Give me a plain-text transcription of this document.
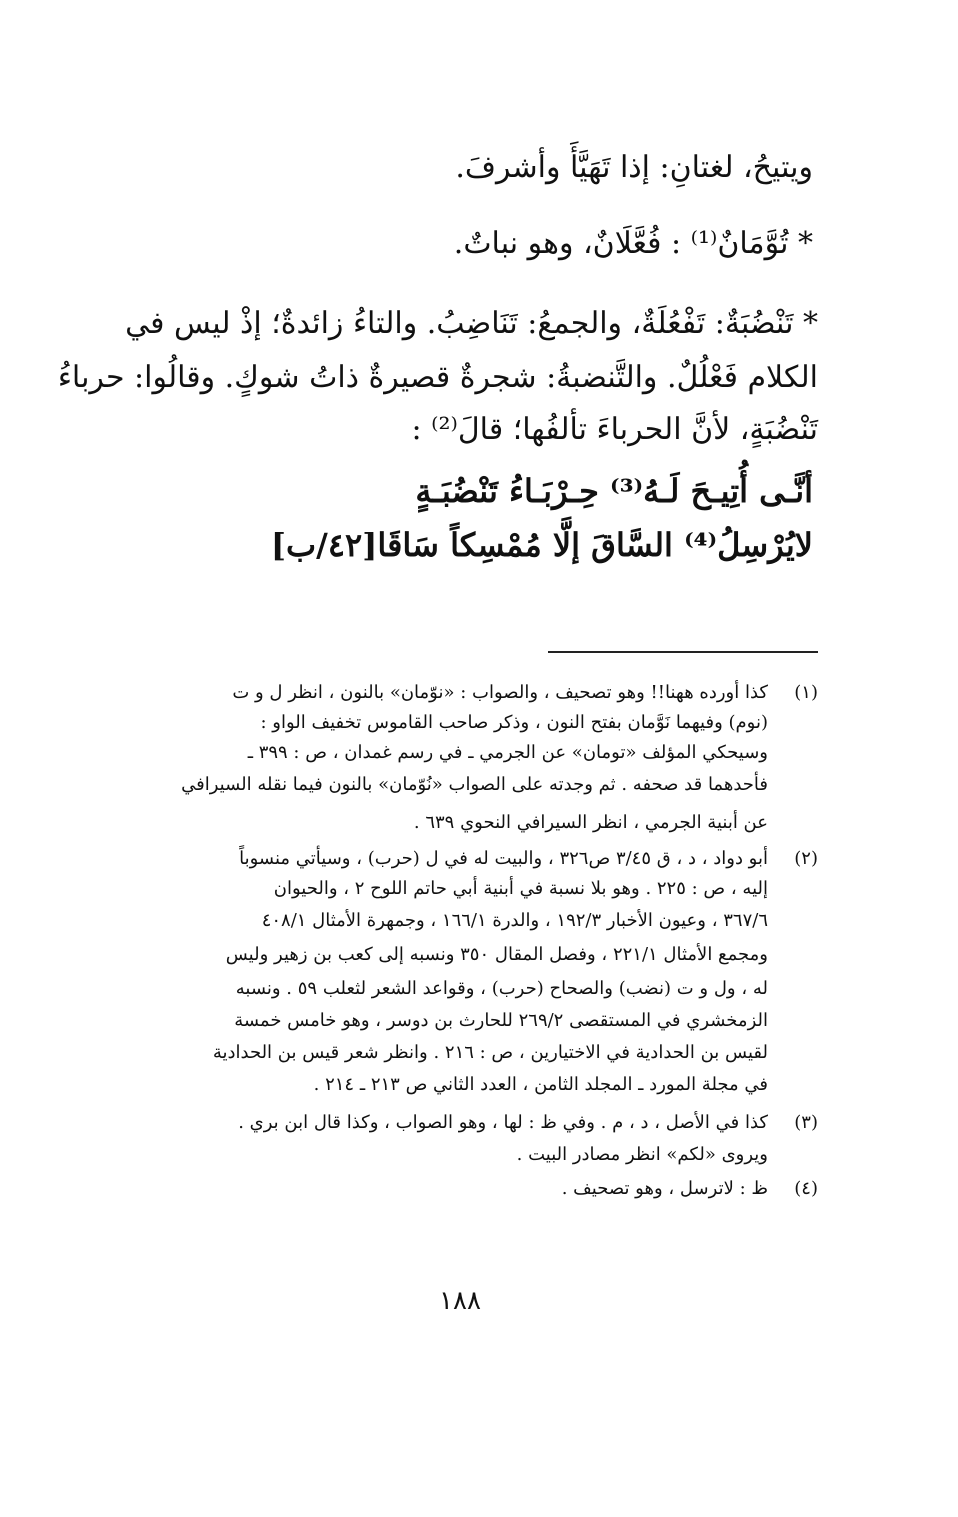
ويتيحُ، لغتانِ: إذا تَهَيَّأَ وأشرفَ.
* تُوَّمَانٌ⁽¹⁾ : فُعَّلَانٌ، وهو نباتٌ.
* تَنْضُبَةٌ: تَفْعُلَةٌ، والجمعُ: تَنَاضِبُ. والتاءُ زائدةٌ؛ إذْ ليس في
الكلام فَعْلُلٌ. والتَّنضبةُ: شجرةٌ قصيرةٌ ذاتُ شوكٍ. وقالُوا: حرباءُ
تَنْضُبَةٍ، لأنَّ الحرباءَ تألفُها؛ قالَ⁽²⁾ :
أنَّـى أُتِيـحَ لَـهُ⁽³⁾ حِـرْبَـاءُ تَنْضُبَـةٍ
لايُرْسِلُ⁽⁴⁾ السَّاقَ إلَّا مُمْسِكاً سَاقَا[٤٢/ب]
(١)
كذا أورده ههنا!! وهو تصحيف ، والصواب : «نوّمان» بالنون ، انظر ل و ت
(نوم) وفيهما نَوَّمان بفتح النون ، وذكر صاحب القاموس تخفيف الواو :
وسيحكي المؤلف «تومان» عن الجرمي ـ في رسم غمدان ، ص : ٣٩٩ ـ
فأحدهما قد صحفه . ثم وجدته على الصواب «نُوّمان» بالنون فيما نقله السيرافي
عن أبنية الجرمي ، انظر السيرافي النحوي ٦٣٩ .
(٢)
أبو دواد ، د ، ق ٣/٤٥ ص٣٢٦ ، والبيت له في ل (حرب) ، وسيأتي منسوباً
إليه ، ص : ٢٢٥ . وهو بلا نسبة في أبنية أبي حاتم اللوح ٢ ، والحيوان
٣٦٧/٦ ، وعيون الأخبار ١٩٢/٣ ، والدرة ١٦٦/١ ، وجمهرة الأمثال ٤٠٨/١
ومجمع الأمثال ٢٢١/١ ، وفصل المقال ٣٥٠ ونسبه إلى كعب بن زهير وليس
له ، ول و ت (نضب) والصحاح (حرب) ، وقواعد الشعر لثعلب ٥٩ . ونسبه
الزمخشري في المستقصى ٢٦٩/٢ للحارث بن دوسر ، وهو خامس خمسة
لقيس بن الحدادية في الاختيارين ، ص : ٢١٦ . وانظر شعر قيس بن الحدادية
في مجلة المورد ـ المجلد الثامن ، العدد الثاني ص ٢١٣ ـ ٢١٤ .
(٣)
كذا في الأصل ، د ، م . وفي ظ : لها ، وهو الصواب ، وكذا قال ابن بري .
ويروى «لكم» انظر مصادر البيت .
(٤)
ظ : لاترسل ، وهو تصحيف .
١٨٨
